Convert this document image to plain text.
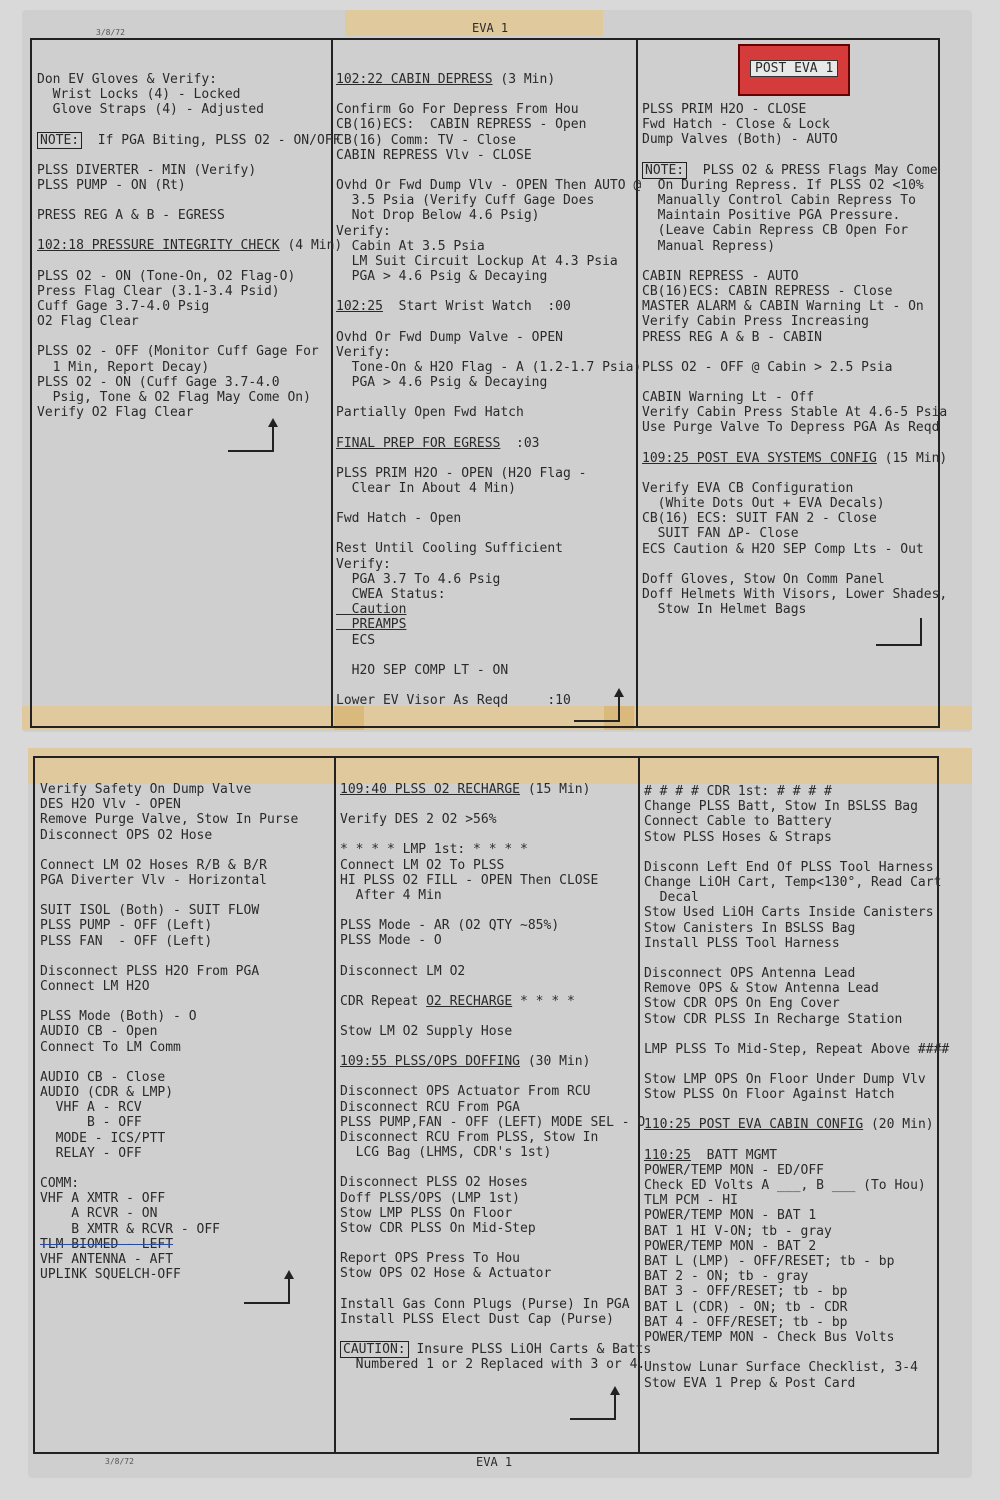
3/8/72	EVA 1
POST EVA 1
Don EV Gloves & Verify:
Wrist Locks (4) - Locked
Glove Straps (4) - Adjusted
NOTE:  If PGA Biting, PLSS O2 - ON/OFF
PLSS DIVERTER - MIN (Verify)
PLSS PUMP - ON (Rt)
PRESS REG A & B - EGRESS
102:18 PRESSURE INTEGRITY CHECK (4 Min)
PLSS O2 - ON (Tone-On, O2 Flag-O)
Press Flag Clear (3.1-3.4 Psid)
Cuff Gage 3.7-4.0 Psig
O2 Flag Clear
PLSS O2 - OFF (Monitor Cuff Gage For
1 Min, Report Decay)
PLSS O2 - ON (Cuff Gage 3.7-4.0
Psig, Tone & O2 Flag May Come On)
Verify O2 Flag Clear
102:22 CABIN DEPRESS (3 Min)
Confirm Go For Depress From Hou
CB(16)ECS:  CABIN REPRESS - Open
CB(16) Comm: TV - Close
CABIN REPRESS Vlv - CLOSE
Ovhd Or Fwd Dump Vlv - OPEN Then AUTO @
3.5 Psia (Verify Cuff Gage Does
Not Drop Below 4.6 Psig)
Verify:
Cabin At 3.5 Psia
LM Suit Circuit Lockup At 4.3 Psia
PGA > 4.6 Psig & Decaying
102:25  Start Wrist Watch  :00
Ovhd Or Fwd Dump Valve - OPEN
Verify:
Tone-On & H2O Flag - A (1.2-1.7 Psia)
PGA > 4.6 Psig & Decaying
Partially Open Fwd Hatch
FINAL PREP FOR EGRESS  :03
PLSS PRIM H2O - OPEN (H2O Flag -
Clear In About 4 Min)
Fwd Hatch - Open
Rest Until Cooling Sufficient
Verify:
PGA 3.7 To 4.6 Psig
CWEA Status:
Caution
PREAMPS
ECS
H2O SEP COMP LT - ON
Lower EV Visor As Reqd     :10
PLSS PRIM H2O - CLOSE
Fwd Hatch - Close & Lock
Dump Valves (Both) - AUTO
NOTE:  PLSS O2 & PRESS Flags May Come
On During Repress. If PLSS O2 <10%
Manually Control Cabin Repress To
Maintain Positive PGA Pressure.
(Leave Cabin Repress CB Open For
Manual Repress)
CABIN REPRESS - AUTO
CB(16)ECS: CABIN REPRESS - Close
MASTER ALARM & CABIN Warning Lt - On
Verify Cabin Press Increasing
PRESS REG A & B - CABIN
PLSS O2 - OFF @ Cabin > 2.5 Psia
CABIN Warning Lt - Off
Verify Cabin Press Stable At 4.6-5 Psia
Use Purge Valve To Depress PGA As Reqd
109:25 POST EVA SYSTEMS CONFIG (15 Min)
Verify EVA CB Configuration
(White Dots Out + EVA Decals)
CB(16) ECS: SUIT FAN 2 - Close
SUIT FAN ΔP- Close
ECS Caution & H2O SEP Comp Lts - Out
Doff Gloves, Stow On Comm Panel
Doff Helmets With Visors, Lower Shades,
Stow In Helmet Bags
3/8/72	EVA 1
Verify Safety On Dump Valve
DES H2O Vlv - OPEN
Remove Purge Valve, Stow In Purse
Disconnect OPS O2 Hose
Connect LM O2 Hoses R/B & B/R
PGA Diverter Vlv - Horizontal
SUIT ISOL (Both) - SUIT FLOW
PLSS PUMP - OFF (Left)
PLSS FAN  - OFF (Left)
Disconnect PLSS H2O From PGA
Connect LM H2O
PLSS Mode (Both) - O
AUDIO CB - Open
Connect To LM Comm
AUDIO CB - Close
AUDIO (CDR & LMP)
VHF A - RCV
B - OFF
MODE - ICS/PTT
RELAY - OFF
COMM:
VHF A XMTR - OFF
A RCVR - ON
B XMTR & RCVR - OFF
TLM BIOMED - LEFT
VHF ANTENNA - AFT
UPLINK SQUELCH-OFF
109:40 PLSS O2 RECHARGE (15 Min)
Verify DES 2 O2 >56%
* * * * LMP 1st: * * * *
Connect LM O2 To PLSS
HI PLSS O2 FILL - OPEN Then CLOSE
After 4 Min
PLSS Mode - AR (O2 QTY ~85%)
PLSS Mode - O
Disconnect LM O2
CDR Repeat O2 RECHARGE * * * *
Stow LM O2 Supply Hose
109:55 PLSS/OPS DOFFING (30 Min)
Disconnect OPS Actuator From RCU
Disconnect RCU From PGA
PLSS PUMP,FAN - OFF (LEFT) MODE SEL - O
Disconnect RCU From PLSS, Stow In
LCG Bag (LHMS, CDR's 1st)
Disconnect PLSS O2 Hoses
Doff PLSS/OPS (LMP 1st)
Stow LMP PLSS On Floor
Stow CDR PLSS On Mid-Step
Report OPS Press To Hou
Stow OPS O2 Hose & Actuator
Install Gas Conn Plugs (Purse) In PGA
Install PLSS Elect Dust Cap (Purse)
CAUTION: Insure PLSS LiOH Carts & Batts
Numbered 1 or 2 Replaced with 3 or 4.
# # # # CDR 1st: # # # #
Change PLSS Batt, Stow In BSLSS Bag
Connect Cable to Battery
Stow PLSS Hoses & Straps
Disconn Left End Of PLSS Tool Harness
Change LiOH Cart, Temp<130°, Read Cart
Decal
Stow Used LiOH Carts Inside Canisters
Stow Canisters In BSLSS Bag
Install PLSS Tool Harness
Disconnect OPS Antenna Lead
Remove OPS & Stow Antenna Lead
Stow CDR OPS On Eng Cover
Stow CDR PLSS In Recharge Station
LMP PLSS To Mid-Step, Repeat Above ####
Stow LMP OPS On Floor Under Dump Vlv
Stow PLSS On Floor Against Hatch
110:25 POST EVA CABIN CONFIG (20 Min)
110:25  BATT MGMT
POWER/TEMP MON - ED/OFF
Check ED Volts A ___, B ___ (To Hou)
TLM PCM - HI
POWER/TEMP MON - BAT 1
BAT 1 HI V-ON; tb - gray
POWER/TEMP MON - BAT 2
BAT L (LMP) - OFF/RESET; tb - bp
BAT 2 - ON; tb - gray
BAT 3 - OFF/RESET; tb - bp
BAT L (CDR) - ON; tb - CDR
BAT 4 - OFF/RESET; tb - bp
POWER/TEMP MON - Check Bus Volts
Unstow Lunar Surface Checklist, 3-4
Stow EVA 1 Prep & Post Card
